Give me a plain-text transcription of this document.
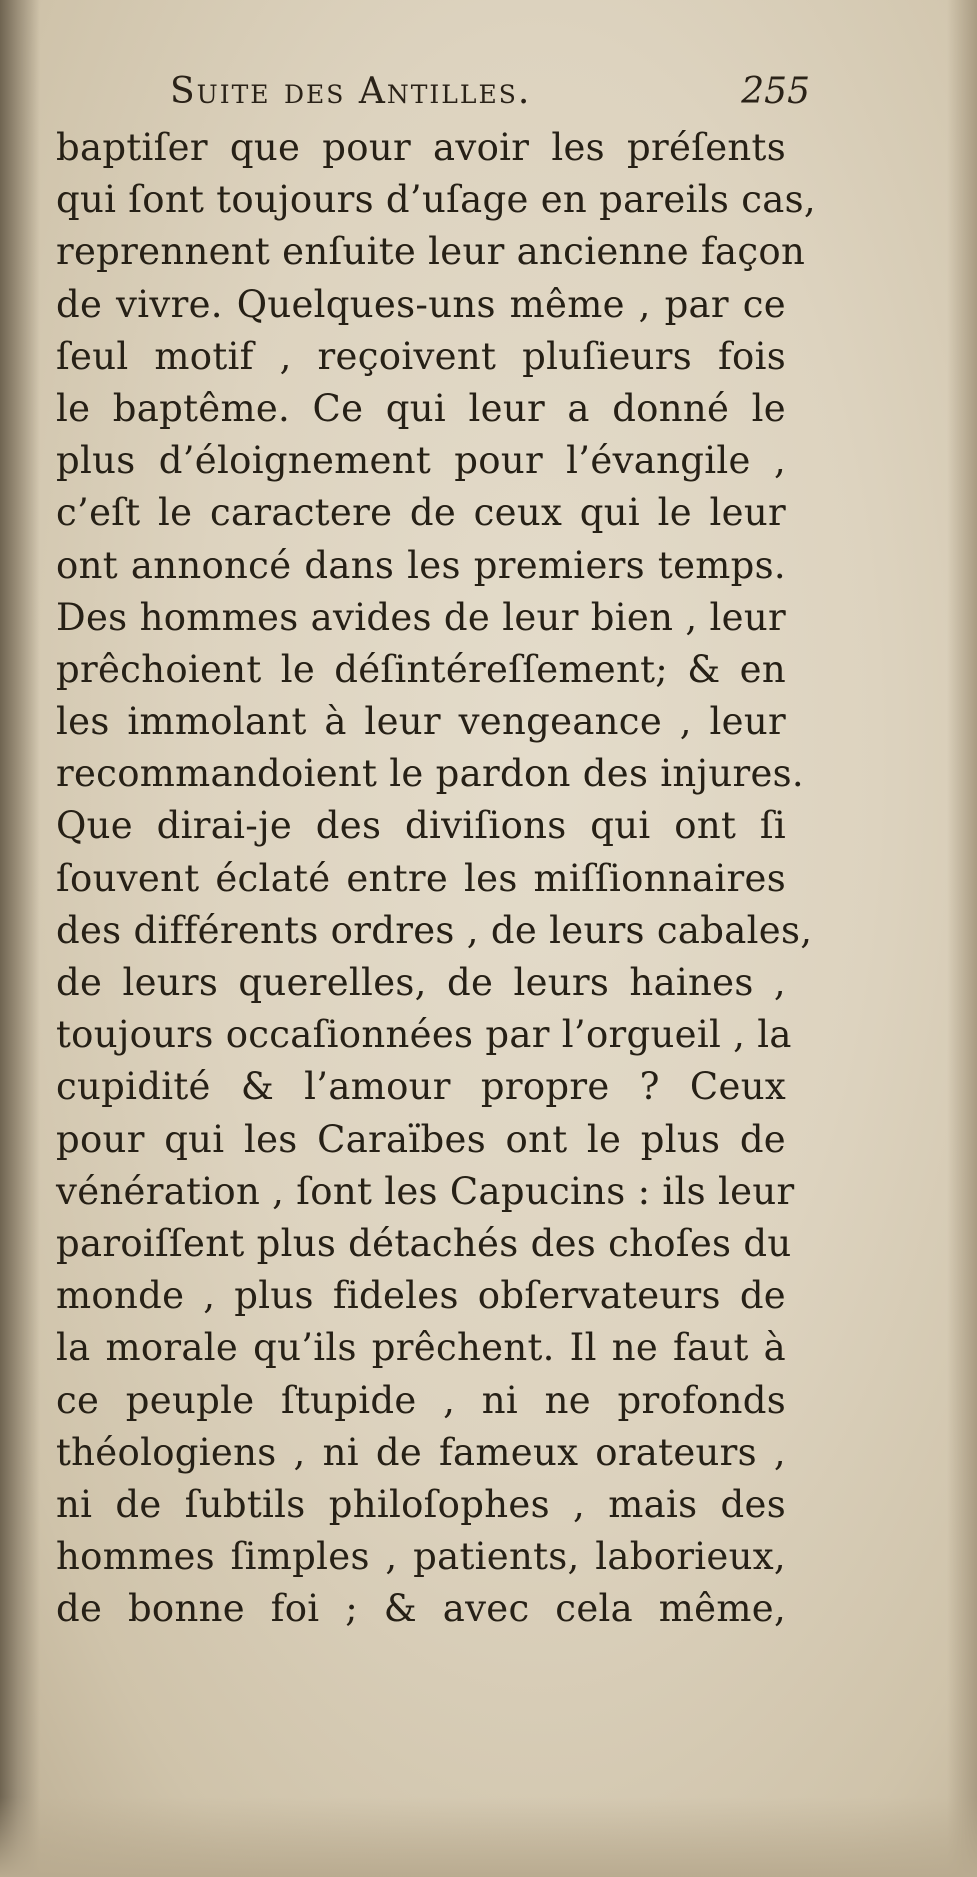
Suite des Antilles.	255
baptiſer que pour avoir les préſents
qui ſont toujours d’uſage en pareils cas,
reprennent enſuite leur ancienne façon
de vivre. Quelques-uns même , par ce
ſeul motif , reçoivent pluſieurs fois
le baptême. Ce qui leur a donné le
plus d’éloignement pour l’évangile ,
c’eſt le caractere de ceux qui le leur
ont annoncé dans les premiers temps.
Des hommes avides de leur bien , leur
prêchoient le déſintéreſſement; & en
les immolant à leur vengeance , leur
recommandoient le pardon des injures.
Que dirai-je des diviſions qui ont ſi
ſouvent éclaté entre les miſſionnaires
des différents ordres , de leurs cabales,
de leurs querelles, de leurs haines ,
toujours occaſionnées par l’orgueil , la
cupidité & l’amour propre ? Ceux
pour qui les Caraïbes ont le plus de
vénération , ſont les Capucins : ils leur
paroiſſent plus détachés des choſes du
monde , plus fideles obſervateurs de
la morale qu’ils prêchent. Il ne faut à
ce peuple ſtupide , ni ne profonds
théologiens , ni de fameux orateurs ,
ni de ſubtils philoſophes , mais des
hommes ſimples , patients, laborieux,
de bonne foi ; & avec cela même,
